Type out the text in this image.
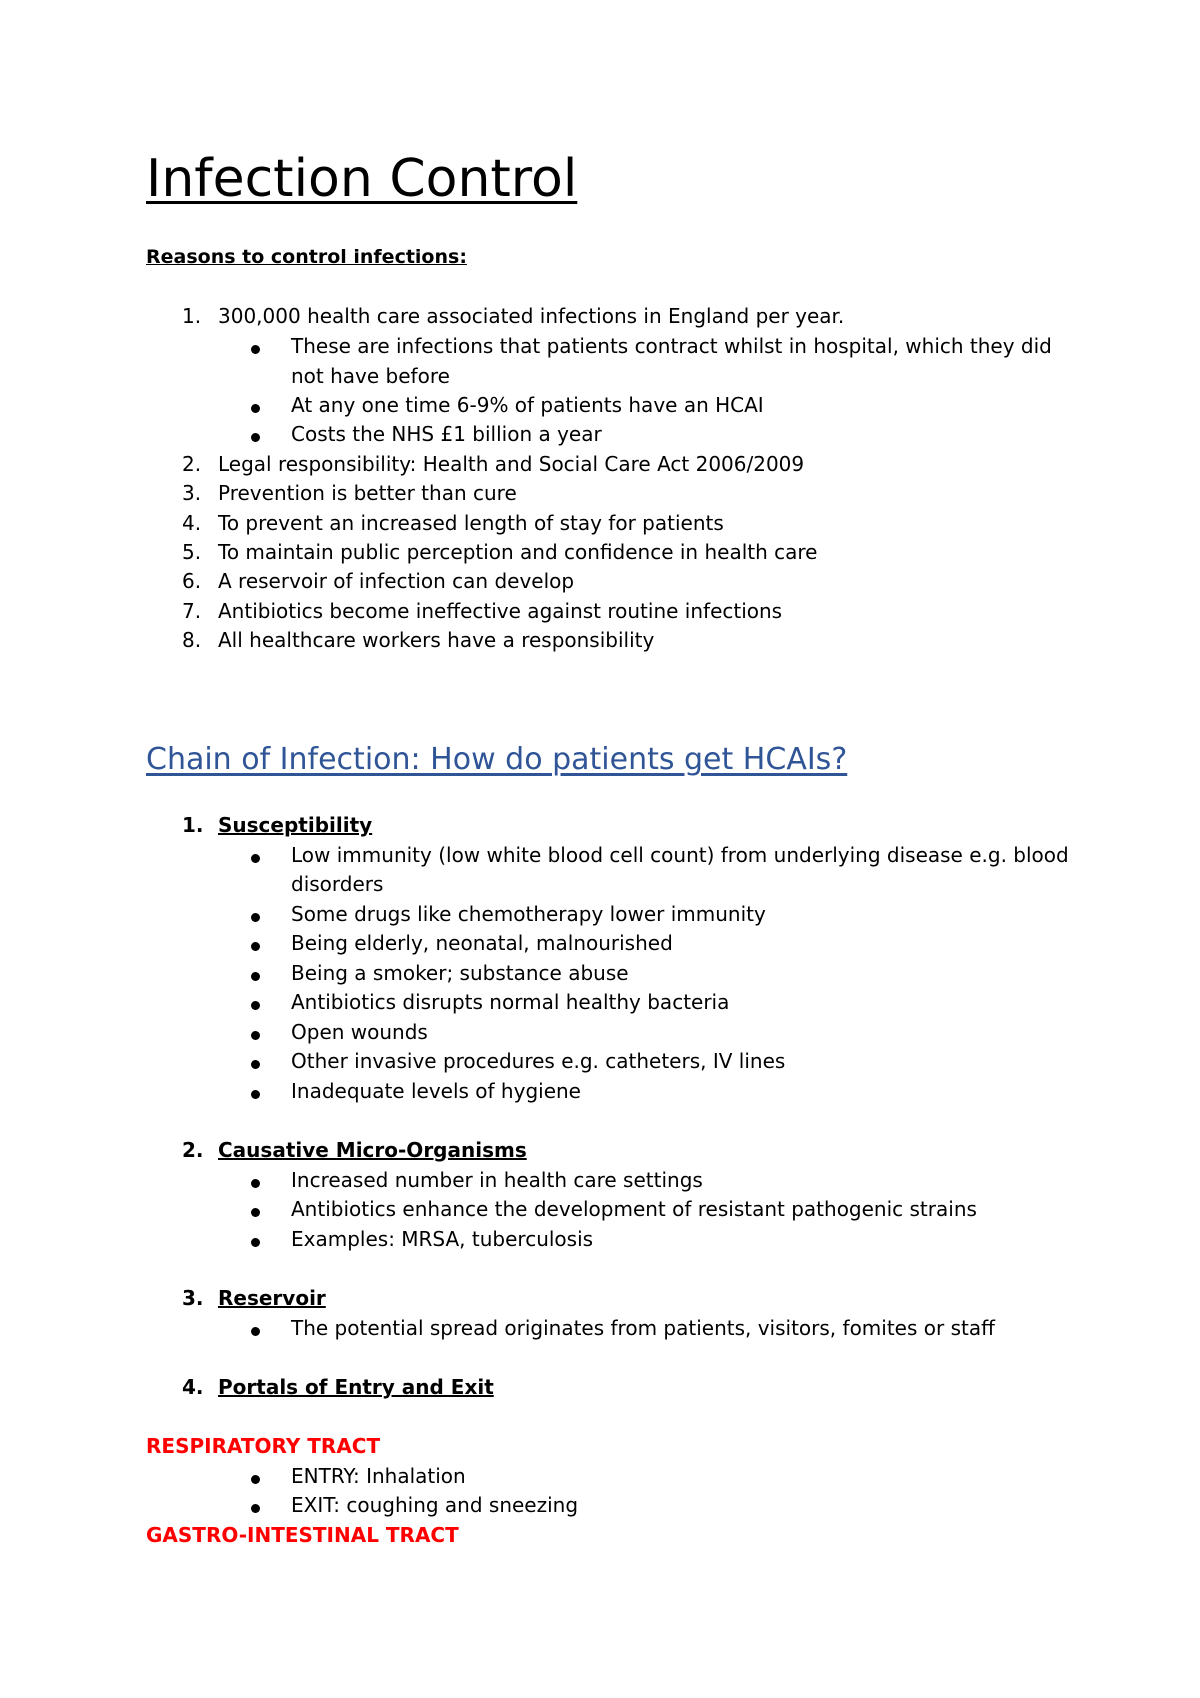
Infection Control
Reasons to control infections:
1. 300,000 health care associated infections in England per year.
These are infections that patients contract whilst in hospital, which they did
not have before
At any one time 6-9% of patients have an HCAI
Costs the NHS £1 billion a year
2. Legal responsibility: Health and Social Care Act 2006/2009
3. Prevention is better than cure
4. To prevent an increased length of stay for patients
5. To maintain public perception and confidence in health care
6. A reservoir of infection can develop
7. Antibiotics become ineffective against routine infections
8. All healthcare workers have a responsibility
Chain of Infection: How do patients get HCAIs?
1. Susceptibility
Low immunity (low white blood cell count) from underlying disease e.g. blood
disorders
Some drugs like chemotherapy lower immunity
Being elderly, neonatal, malnourished
Being a smoker; substance abuse
Antibiotics disrupts normal healthy bacteria
Open wounds
Other invasive procedures e.g. catheters, IV lines
Inadequate levels of hygiene
2. Causative Micro-Organisms
Increased number in health care settings
Antibiotics enhance the development of resistant pathogenic strains
Examples: MRSA, tuberculosis
3. Reservoir
The potential spread originates from patients, visitors, fomites or staff
4. Portals of Entry and Exit
RESPIRATORY TRACT
ENTRY: Inhalation
EXIT: coughing and sneezing
GASTRO-INTESTINAL TRACT
